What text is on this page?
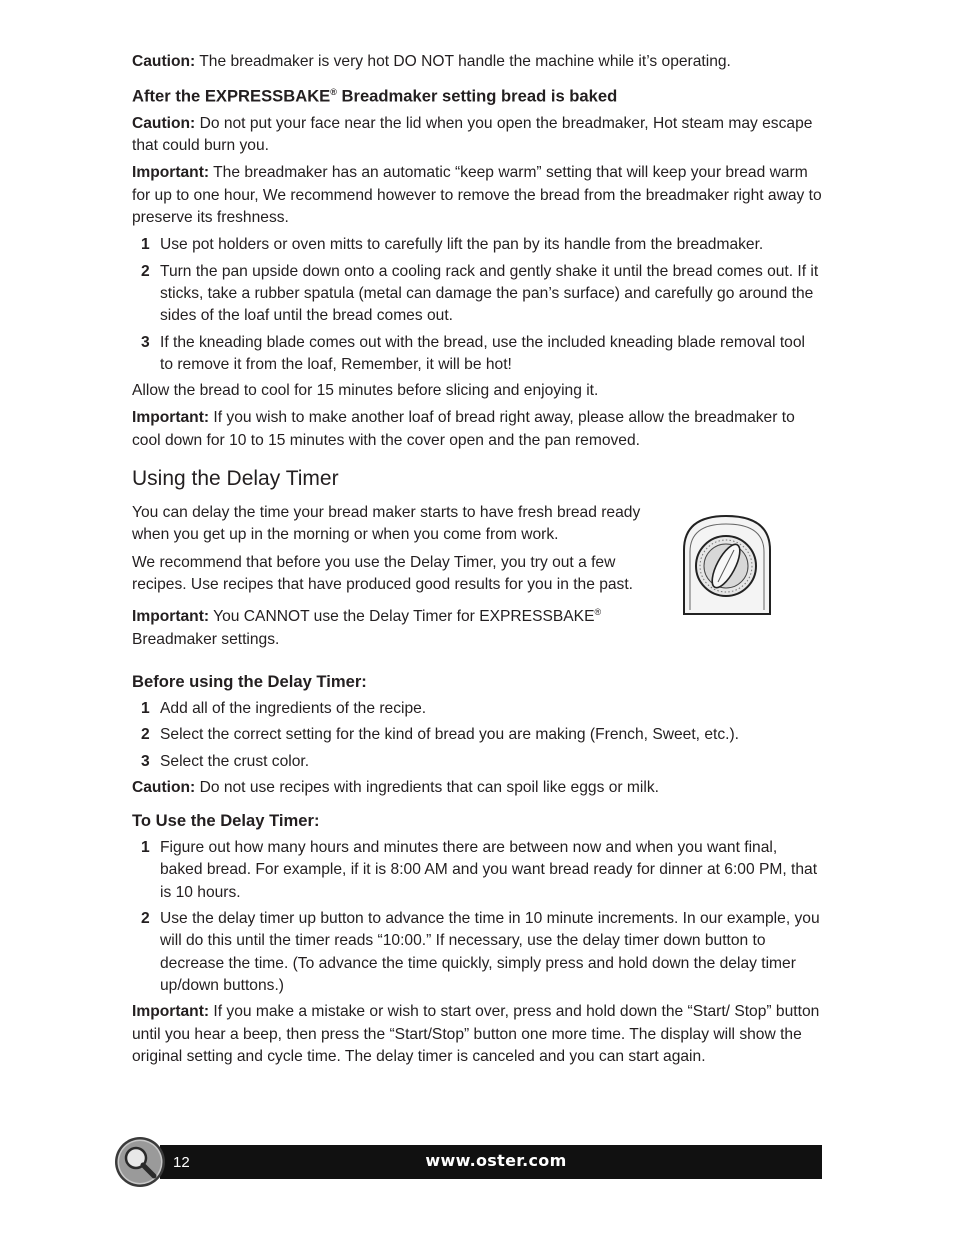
Caution: The breadmaker is very hot DO NOT handle the machine while it’s operating.

After the EXPRESSBAKE® Breadmaker setting bread is baked

Caution: Do not put your face near the lid when you open the breadmaker, Hot steam may escape that could burn you.

Important: The breadmaker has an automatic “keep warm” setting that will keep your bread warm for up to one hour, We recommend however to remove the bread from the breadmaker right away to preserve its freshness.

1 Use pot holders or oven mitts to carefully lift the pan by its handle from the breadmaker.
2 Turn the pan upside down onto a cooling rack and gently shake it until the bread comes out. If it sticks, take a rubber spatula (metal can damage the pan’s surface) and carefully go around the sides of the loaf until the bread comes out.
3 If the kneading blade comes out with the bread, use the included kneading blade removal tool to remove it from the loaf, Remember, it will be hot!

Allow the bread to cool for 15 minutes before slicing and enjoying it.

Important: If you wish to make another loaf of bread right away, please allow the breadmaker to cool down for 10 to 15 minutes with the cover open and the pan removed.

Using the Delay Timer

You can delay the time your bread maker starts to have fresh bread ready when you get up in the morning or when you come from work.

We recommend that before you use the Delay Timer, you try out a few recipes. Use recipes that have produced good results for you in the past.

Important: You CANNOT use the Delay Timer for EXPRESSBAKE® Breadmaker settings.

Before using the Delay Timer:
1 Add all of the ingredients of the recipe.
2 Select the correct setting for the kind of bread you are making (French, Sweet, etc.).
3 Select the crust color.

Caution: Do not use recipes with ingredients that can spoil like eggs or milk.

To Use the Delay Timer:
1 Figure out how many hours and minutes there are between now and when you want final, baked bread. For example, if it is 8:00 AM and you want bread ready for dinner at 6:00 PM, that is 10 hours.
2 Use the delay timer up button to advance the time in 10 minute increments. In our example, you will do this until the timer reads “10:00.” If necessary, use the delay timer down button to decrease the time. (To advance the time quickly, simply press and hold down the delay timer up/down buttons.)

Important: If you make a mistake or wish to start over, press and hold down the “Start/ Stop” button until you hear a beep, then press the “Start/Stop” button one more time. The display will show the original setting and cycle time. The delay timer is canceled and you can start again.

12	www.oster.com
